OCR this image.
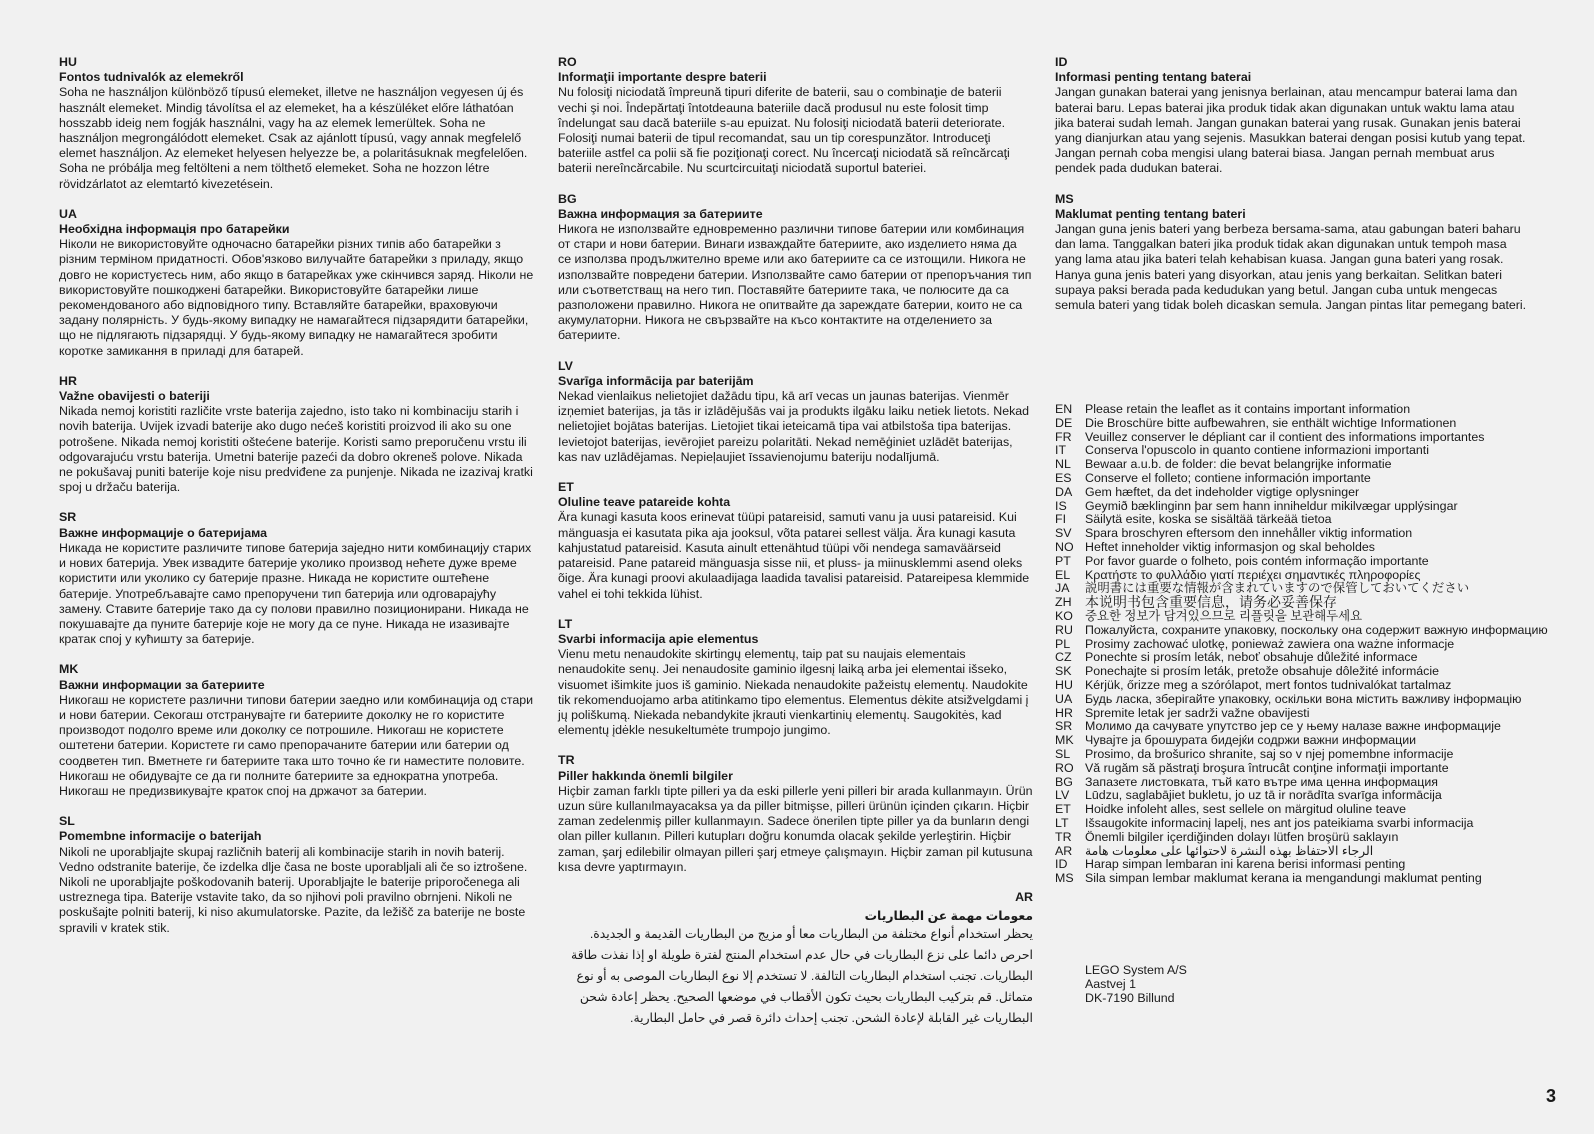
HU
Fontos tudnivalók az elemekről
Soha ne használjon különböző típusú elemeket, illetve ne használjon vegyesen új és használt elemeket. Mindig távolítsa el az elemeket, ha a készüléket előre láthatóan hosszabb ideig nem fogják használni, vagy ha az elemek lemerültek. Soha ne használjon megrongálódott elemeket. Csak az ajánlott típusú, vagy annak megfelelő elemet használjon. Az elemeket helyesen helyezze be, a polaritásuknak megfelelően. Soha ne próbálja meg feltölteni a nem tölthető elemeket. Soha ne hozzon létre rövidzárlatot az elemtartó kivezetésein.
UA
Необхідна інформація про батарейки
Ніколи не використовуйте одночасно батарейки різних типів або батарейки з різним терміном придатності. Обов'язково вилучайте батарейки з приладу, якщо довго не користуєтесь ним, або якщо в батарейках уже скінчився заряд. Ніколи не використовуйте пошкоджені батарейки. Використовуйте батарейки лише рекомендованого або відповідного типу. Вставляйте батарейки, враховуючи задану полярність. У будь-якому випадку не намагайтеся підзарядити батарейки, що не підлягають підзарядці. У будь-якому випадку не намагайтеся зробити коротке замикання в приладі для батарей.
HR
Važne obavijesti o bateriji
Nikada nemoj koristiti različite vrste baterija zajedno, isto tako ni kombinaciju starih i novih baterija. Uvijek izvadi baterije ako dugo nećeš koristiti proizvod ili ako su one potrošene. Nikada nemoj koristiti oštećene baterije. Koristi samo preporučenu vrstu ili odgovarajuću vrstu baterija. Umetni baterije pazeći da dobro okreneš polove. Nikada ne pokušavaj puniti baterije koje nisu predviđene za punjenje. Nikada ne izazivaj kratki spoj u držaču baterija.
SR
Важне информације о батеријама
Никада не користите различите типове батерија заједно нити комбинацију старих и нових батерија. Увек извадите батерије уколико производ нећете дуже време користити или уколико су батерије празне. Никада не користите оштећене батерије. Употребљавајте само препоручени тип батерија или одговарајућу замену. Ставите батерије тако да су полови правилно позиционирани. Никада не покушавајте да пуните батерије које не могу да се пуне. Никада не изазивајте кратак спој у кућишту за батерије.
MK
Важни информации за батериите
Никогаш не користете различни типови батерии заедно или комбинација од стари и нови батерии. Секогаш отстранувајте ги батериите доколку не го користите производот подолго време или доколку се потрошиле. Никогаш не користете оштетени батерии. Користете ги само препорачаните батерии или батерии од соодветен тип. Вметнете ги батериите така што точно ќе ги наместите половите. Никогаш не обидувајте се да ги полните батериите за еднократна употреба. Никогаш не предизвикувајте краток спој на држачот за батерии.
SL
Pomembne informacije o baterijah
Nikoli ne uporabljajte skupaj različnih baterij ali kombinacije starih in novih baterij. Vedno odstranite baterije, če izdelka dlje časa ne boste uporabljali ali če so iztrošene. Nikoli ne uporabljajte poškodovanih baterij. Uporabljajte le baterije priporočenega ali ustreznega tipa. Baterije vstavite tako, da so njihovi poli pravilno obrnjeni. Nikoli ne poskušajte polniti baterij, ki niso akumulatorske. Pazite, da ležišč za baterije ne boste spravili v kratek stik.
RO
Informaţii importante despre baterii
Nu folosiţi niciodată împreună tipuri diferite de baterii, sau o combinaţie de baterii vechi şi noi. Îndepărtaţi întotdeauna bateriile dacă produsul nu este folosit timp îndelungat sau dacă bateriile s-au epuizat. Nu folosiţi niciodată baterii deteriorate. Folosiţi numai baterii de tipul recomandat, sau un tip corespunzător. Introduceţi bateriile astfel ca polii să fie poziţionaţi corect. Nu încercaţi niciodată să reîncărcaţi baterii nereîncărcabile. Nu scurtcircuitaţi niciodată suportul bateriei.
BG
Важна информация за батериите
Никога не използвайте едновременно различни типове батерии или комбинация от стари и нови батерии. Винаги изваждайте батериите, ако изделието няма да се използва продължително време или ако батериите са се изтощили. Никога не използвайте повредени батерии. Използвайте само батерии от препоръчания тип или съответстващ на него тип. Поставяйте батериите така, че полюсите да са разположени правилно. Никога не опитвайте да зареждате батерии, които не са акумулаторни. Никога не свързвайте на късо контактите на отделението за батериите.
LV
Svarīga informācija par baterijām
Nekad vienlaikus nelietojiet dažādu tipu, kā arī vecas un jaunas baterijas. Vienmēr izņemiet baterijas, ja tās ir izlādējušās vai ja produkts ilgāku laiku netiek lietots. Nekad nelietojiet bojātas baterijas. Lietojiet tikai ieteicamā tipa vai atbilstoša tipa baterijas. Ievietojot baterijas, ievērojiet pareizu polaritāti. Nekad nemēģiniet uzlādēt baterijas, kas nav uzlādējamas. Nepieļaujiet īssavienojumu bateriju nodalījumā.
ET
Oluline teave patareide kohta
Ära kunagi kasuta koos erinevat tüüpi patareisid, samuti vanu ja uusi patareisid. Kui mänguasja ei kasutata pika aja jooksul, võta patarei sellest välja. Ära kunagi kasuta kahjustatud patareisid. Kasuta ainult ettenähtud tüüpi või nendega samaväärseid patareisid. Pane patareid mänguasja sisse nii, et pluss- ja miinusklemmi asend oleks õige. Ära kunagi proovi akulaadijaga laadida tavalisi patareisid. Patareipesa klemmide vahel ei tohi tekkida lühist.
LT
Svarbi informacija apie elementus
Vienu metu nenaudokite skirtingų elementų, taip pat su naujais elementais nenaudokite senų. Jei nenaudosite gaminio ilgesnį laiką arba jei elementai išseko, visuomet išimkite juos iš gaminio. Niekada nenaudokite pažeistų elementų. Naudokite tik rekomenduojamo arba atitinkamo tipo elementus. Elementus dėkite atsižvelgdami į jų poliškumą. Niekada nebandykite įkrauti vienkartinių elementų. Saugokitės, kad elementų įdėkle nesukeltumėte trumpojo jungimo.
TR
Piller hakkında önemli bilgiler
Hiçbir zaman farklı tipte pilleri ya da eski pillerle yeni pilleri bir arada kullanmayın. Ürün uzun süre kullanılmayacaksa ya da piller bitmişse, pilleri ürünün içinden çıkarın. Hiçbir zaman zedelenmiş piller kullanmayın. Sadece önerilen tipte piller ya da bunların dengi olan piller kullanın. Pilleri kutupları doğru konumda olacak şekilde yerleştirin. Hiçbir zaman, şarj edilebilir olmayan pilleri şarj etmeye çalışmayın. Hiçbir zaman pil kutusuna kısa devre yaptırmayın.
AR
معومات مهمة عن البطاريات
يحظر استخدام أنواع مختلفة من البطاريات معا أو مزيج من البطاريات القديمة و الجديدة. احرص دائما على نزع البطاريات في حال عدم استخدام المنتج لفترة طويلة او إذا نفذت طاقة البطاريات. تجنب استخدام البطاريات التالفة. لا تستخدم إلا نوع البطاريات الموصى به أو نوع متماثل. قم بتركيب البطاريات بحيث تكون الأقطاب في موضعها الصحيح. يحظر إعادة شحن البطاريات غير القابلة لإعادة الشحن. تجنب إحداث دائرة قصر في حامل البطارية.
ID
Informasi penting tentang baterai
Jangan gunakan baterai yang jenisnya berlainan, atau mencampur baterai lama dan baterai baru. Lepas baterai jika produk tidak akan digunakan untuk waktu lama atau jika baterai sudah lemah. Jangan gunakan baterai yang rusak. Gunakan jenis baterai yang dianjurkan atau yang sejenis. Masukkan baterai dengan posisi kutub yang tepat. Jangan pernah coba mengisi ulang baterai biasa. Jangan pernah membuat arus pendek pada dudukan baterai.
MS
Maklumat penting tentang bateri
Jangan guna jenis bateri yang berbeza bersama-sama, atau gabungan bateri baharu dan lama. Tanggalkan bateri jika produk tidak akan digunakan untuk tempoh masa yang lama atau jika bateri telah kehabisan kuasa. Jangan guna bateri yang rosak. Hanya guna jenis bateri yang disyorkan, atau jenis yang berkaitan. Selitkan bateri supaya paksi berada pada kedudukan yang betul. Jangan cuba untuk mengecas semula bateri yang tidak boleh dicaskan semula. Jangan pintas litar pemegang bateri.
EN	Please retain the leaflet as it contains important information
DE	Die Broschüre bitte aufbewahren, sie enthält wichtige Informationen
FR	Veuillez conserver le dépliant car il contient des informations importantes
IT	Conserva l'opuscolo in quanto contiene informazioni importanti
NL	Bewaar a.u.b. de folder: die bevat belangrijke informatie
ES	Conserve el folleto; contiene información importante
DA	Gem hæftet, da det indeholder vigtige oplysninger
IS	Geymið bæklinginn þar sem hann inniheldur mikilvægar upplýsingar
FI	Säilytä esite, koska se sisältää tärkeää tietoa
SV	Spara broschyren eftersom den innehåller viktig information
NO Heftet inneholder viktig informasjon og skal beholdes
PT	Por favor guarde o folheto, pois contém informação importante
EL	Κρατήστε το φυλλάδιο γιατί περιέχει σημαντικές πληροφορίες
JA	説明書には重要な情報が含まれていますので保管しておいてください
ZH 本说明书包含重要信息，请务必妥善保存
KO 중요한 정보가 담겨있으므로 리플릿을 보관해두세요
RU Пожалуйста, сохраните упаковку, поскольку она содержит важную информацию
PL	Prosimy zachować ulotkę, ponieważ zawiera ona ważne informacje
CZ	Ponechte si prosím leták, neboť obsahuje důležité informace
SK	Ponechajte si prosím leták, pretože obsahuje dôležité informácie
HU Kérjük, őrizze meg a szórólapot, mert fontos tudnivalókat tartalmaz
UA	Будь ласка, зберігайте упаковку, оскільки вона містить важливу інформацію
HR Spremite letak jer sadrži važne obavijesti
SR	Молимо да сачувате упутство јер се у њему налазе важне информације
MK Чувајте ја брошурата бидејќи содржи важни информации
SL	Prosimo, da brošurico shranite, saj so v njej pomembne informacije
RO Vă rugăm să păstraţi broşura întrucât conţine informaţii importante
BG Запазете листовката, тъй като вътре има ценна информация
LV	Lūdzu, saglabājiet bukletu, jo uz tā ir norādīta svarīga informācija
ET	Hoidke infoleht alles, sest sellele on märgitud oluline teave
LT	Išsaugokite informacinį lapelį, nes ant jos pateikiama svarbi informacija
TR	Önemli bilgiler içerdiğinden dolayı lütfen broşürü saklayın
AR	الرجاء الاحتفاظ بهذه النشرة لاحتوائها على معلومات هامة
ID	Harap simpan lembaran ini karena berisi informasi penting
MS Sila simpan lembar maklumat kerana ia mengandungi maklumat penting
LEGO System A/S
Aastvej 1
DK-7190 Billund
3
